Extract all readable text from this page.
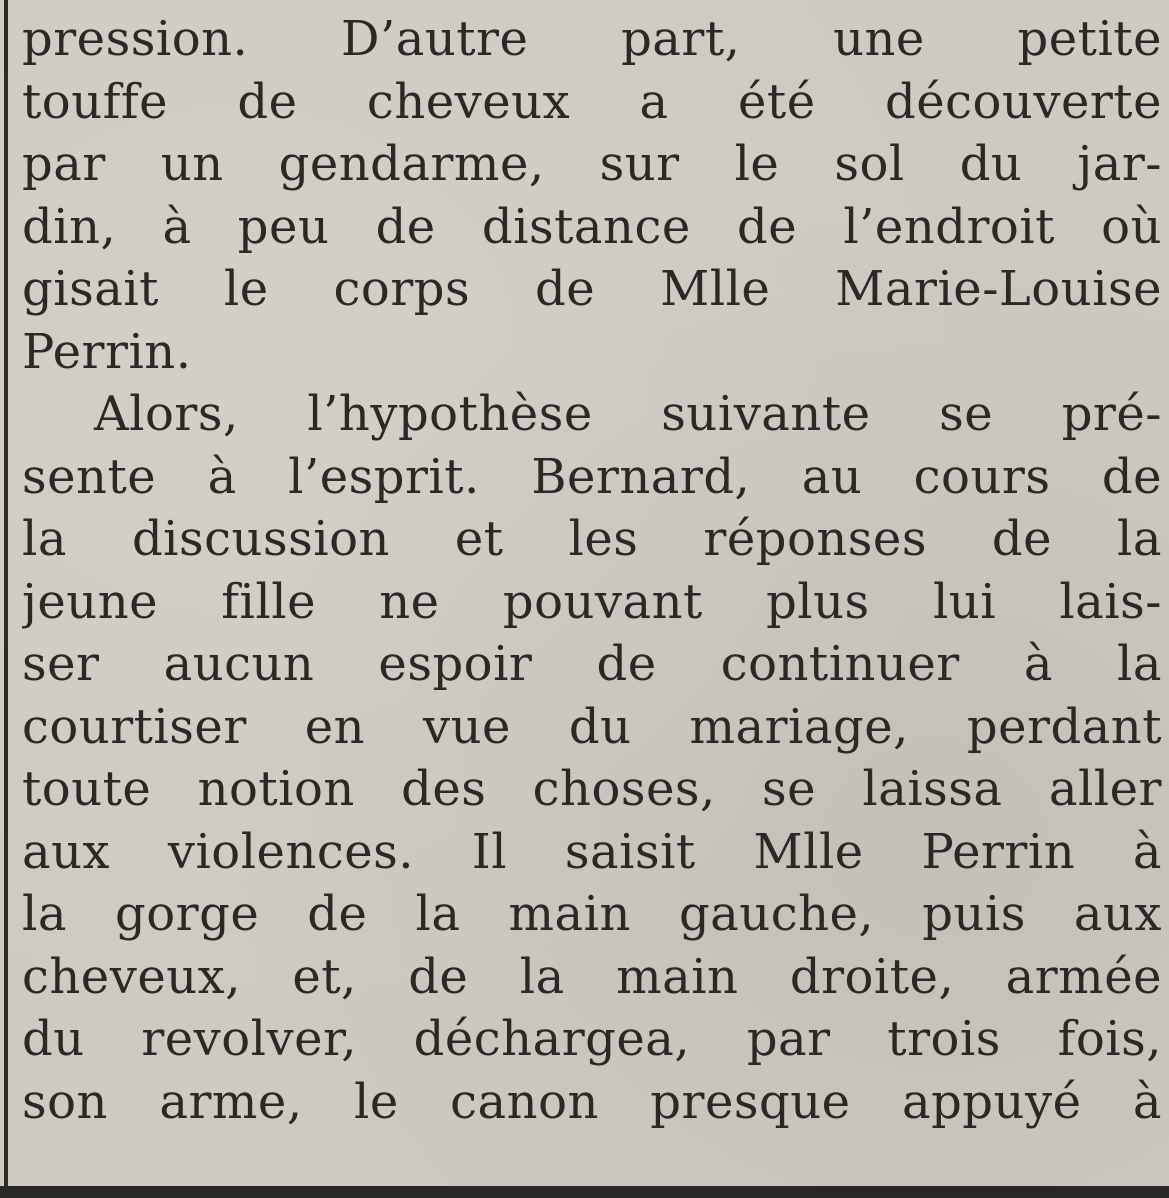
pression. D’autre part, une petite
touffe de cheveux a été découverte
par un gendarme, sur le sol du jar-
din, à peu de distance de l’endroit où
gisait le corps de Mlle Marie-Louise
Perrin.
Alors, l’hypothèse suivante se pré-
sente à l’esprit. Bernard, au cours de
la discussion et les réponses de la
jeune fille ne pouvant plus lui lais-
ser aucun espoir de continuer à la
courtiser en vue du mariage, perdant
toute notion des choses, se laissa aller
aux violences. Il saisit Mlle Perrin à
la gorge de la main gauche, puis aux
cheveux, et, de la main droite, armée
du revolver, déchargea, par trois fois,
son arme, le canon presque appuyé à
